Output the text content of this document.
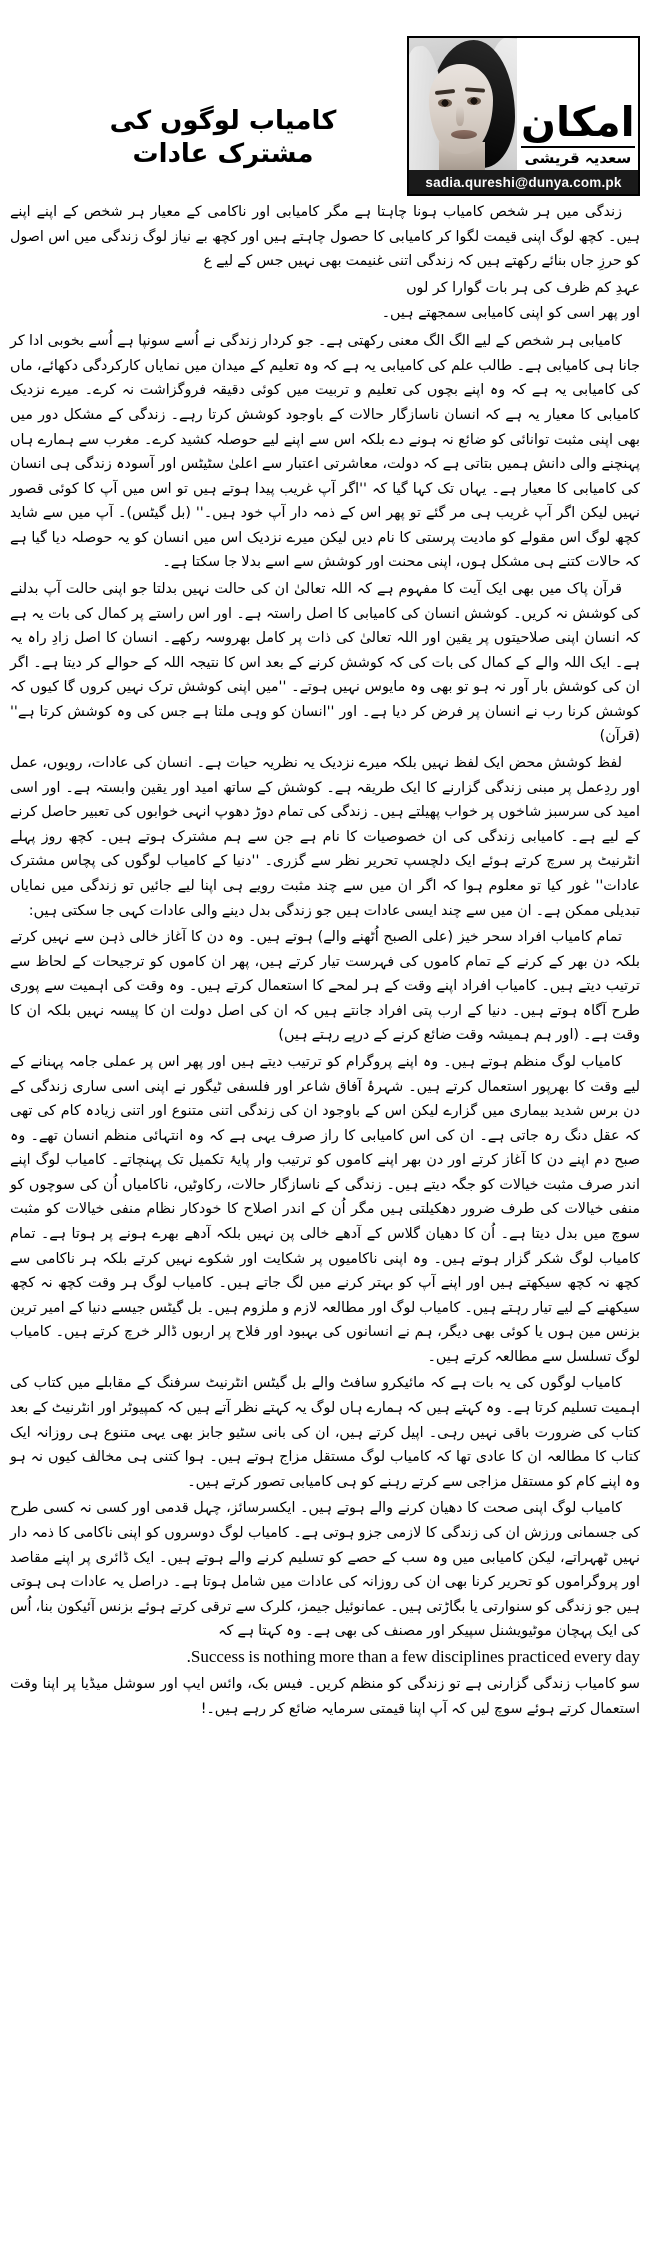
امکان
سعدیہ قریشی
sadia.qureshi@dunya.com.pk
کامیاب لوگوں کی مشترک عادات

زندگی میں ہر شخص کامیاب ہونا چاہتا ہے مگر کامیابی اور ناکامی کے معیار ہر شخص کے اپنے اپنے ہیں۔ کچھ لوگ اپنی قیمت لگوا کر کامیابی کا حصول چاہتے ہیں اور کچھ بے نیاز لوگ زندگی میں اس اصول کو حرزِ جاں بنائے رکھتے ہیں کہ زندگی اتنی غنیمت بھی نہیں جس کے لیے ع

عہدِ کم ظرف کی ہر بات گوارا کر لوں
اور پھر اسی کو اپنی کامیابی سمجھتے ہیں۔

کامیابی ہر شخص کے لیے الگ الگ معنی رکھتی ہے۔ جو کردار زندگی نے اُسے سونپا ہے اُسے بخوبی ادا کر جانا ہی کامیابی ہے۔ طالب علم کی کامیابی یہ ہے کہ وہ تعلیم کے میدان میں نمایاں کارکردگی دکھائے، ماں کی کامیابی یہ ہے کہ وہ اپنے بچوں کی تعلیم و تربیت میں کوئی دقیقہ فروگزاشت نہ کرے۔ میرے نزدیک کامیابی کا معیار یہ ہے کہ انسان ناسازگار حالات کے باوجود کوشش کرتا رہے۔ زندگی کے مشکل دور میں بھی اپنی مثبت توانائی کو ضائع نہ ہونے دے بلکہ اس سے اپنے لیے حوصلہ کشید کرے۔ مغرب سے ہمارے ہاں پہنچنے والی دانش ہمیں بتاتی ہے کہ دولت، معاشرتی اعتبار سے اعلیٰ سٹیٹس اور آسودہ زندگی ہی انسان کی کامیابی کا معیار ہے۔ یہاں تک کہا گیا کہ ''اگر آپ غریب پیدا ہوتے ہیں تو اس میں آپ کا کوئی قصور نہیں لیکن اگر آپ غریب ہی مر گئے تو پھر اس کے ذمہ دار آپ خود ہیں۔'' (بل گیٹس)۔ آپ میں سے شاید کچھ لوگ اس مقولے کو مادیت پرستی کا نام دیں لیکن میرے نزدیک اس میں انسان کو یہ حوصلہ دیا گیا ہے کہ حالات کتنے ہی مشکل ہوں، اپنی محنت اور کوشش سے اسے بدلا جا سکتا ہے۔

قرآن پاک میں بھی ایک آیت کا مفہوم ہے کہ اللہ تعالیٰ ان کی حالت نہیں بدلتا جو اپنی حالت آپ بدلنے کی کوشش نہ کریں۔ کوشش انسان کی کامیابی کا اصل راستہ ہے۔ اور اس راستے پر کمال کی بات یہ ہے کہ انسان اپنی صلاحیتوں پر یقین اور اللہ تعالیٰ کی ذات پر کامل بھروسہ رکھے۔ انسان کا اصل زادِ راہ یہ ہے۔ ایک اللہ والے کے کمال کی بات کی کہ کوشش کرنے کے بعد اس کا نتیجہ اللہ کے حوالے کر دیتا ہے۔ اگر ان کی کوشش بار آور نہ ہو تو بھی وہ مایوس نہیں ہوتے۔ ''میں اپنی کوشش ترک نہیں کروں گا کیوں کہ کوشش کرنا رب نے انسان پر فرض کر دیا ہے۔ اور ''انسان کو وہی ملتا ہے جس کی وہ کوشش کرتا ہے'' (قرآن)

لفظ کوشش محض ایک لفظ نہیں بلکہ میرے نزدیک یہ نظریہ حیات ہے۔ انسان کی عادات، رویوں، عمل اور ردِعمل پر مبنی زندگی گزارنے کا ایک طریقہ ہے۔ کوشش کے ساتھ امید اور یقین وابستہ ہے۔ اور اسی امید کی سرسبز شاخوں پر خواب پھیلتے ہیں۔ زندگی کی تمام دوڑ دھوپ انہی خوابوں کی تعبیر حاصل کرنے کے لیے ہے۔ کامیابی زندگی کی ان خصوصیات کا نام ہے جن سے ہم مشترک ہوتے ہیں۔ کچھ روز پہلے انٹرنیٹ پر سرچ کرتے ہوئے ایک دلچسپ تحریر نظر سے گزری۔ ''دنیا کے کامیاب لوگوں کی پچاس مشترک عادات'' غور کیا تو معلوم ہوا کہ اگر ان میں سے چند مثبت رویے ہی اپنا لیے جائیں تو زندگی میں نمایاں تبدیلی ممکن ہے۔ ان میں سے چند ایسی عادات ہیں جو زندگی بدل دینے والی عادات کہی جا سکتی ہیں:

تمام کامیاب افراد سحر خیز (علی الصبح اُٹھنے والے) ہوتے ہیں۔ وہ دن کا آغاز خالی ذہن سے نہیں کرتے بلکہ دن بھر کے کرنے کے تمام کاموں کی فہرست تیار کرتے ہیں، پھر ان کاموں کو ترجیحات کے لحاظ سے ترتیب دیتے ہیں۔ کامیاب افراد اپنے وقت کے ہر لمحے کا استعمال کرتے ہیں۔ وہ وقت کی اہمیت سے پوری طرح آگاہ ہوتے ہیں۔ دنیا کے ارب پتی افراد جانتے ہیں کہ ان کی اصل دولت ان کا پیسہ نہیں بلکہ ان کا وقت ہے۔ (اور ہم ہمیشہ وقت ضائع کرنے کے درپے رہتے ہیں)

کامیاب لوگ منظم ہوتے ہیں۔ وہ اپنے پروگرام کو ترتیب دیتے ہیں اور پھر اس پر عملی جامہ پہنانے کے لیے وقت کا بھرپور استعمال کرتے ہیں۔ شہرۂ آفاق شاعر اور فلسفی ٹیگور نے اپنی اسی ساری زندگی کے دن برس شدید بیماری میں گزارے لیکن اس کے باوجود ان کی زندگی اتنی متنوع اور اتنی زیادہ کام کی تھی کہ عقل دنگ رہ جاتی ہے۔ ان کی اس کامیابی کا راز صرف یہی ہے کہ وہ انتہائی منظم انسان تھے۔ وہ صبح دم اپنے دن کا آغاز کرتے اور دن بھر اپنے کاموں کو ترتیب وار پایۂ تکمیل تک پہنچاتے۔ کامیاب لوگ اپنے اندر صرف مثبت خیالات کو جگہ دیتے ہیں۔ زندگی کے ناسازگار حالات، رکاوٹیں، ناکامیاں اُن کی سوچوں کو منفی خیالات کی طرف ضرور دھکیلتی ہیں مگر اُن کے اندر اصلاح کا خودکار نظام منفی خیالات کو مثبت سوچ میں بدل دیتا ہے۔ اُن کا دھیان گلاس کے آدھے خالی پن نہیں بلکہ آدھے بھرے ہونے پر ہوتا ہے۔ تمام کامیاب لوگ شکر گزار ہوتے ہیں۔ وہ اپنی ناکامیوں پر شکایت اور شکوے نہیں کرتے بلکہ ہر ناکامی سے کچھ نہ کچھ سیکھتے ہیں اور اپنے آپ کو بہتر کرنے میں لگ جاتے ہیں۔ کامیاب لوگ ہر وقت کچھ نہ کچھ سیکھنے کے لیے تیار رہتے ہیں۔ کامیاب لوگ اور مطالعہ لازم و ملزوم ہیں۔ بل گیٹس جیسے دنیا کے امیر ترین بزنس مین ہوں یا کوئی بھی دیگر، ہم نے انسانوں کی بہبود اور فلاح پر اربوں ڈالر خرچ کرتے ہیں۔ کامیاب لوگ تسلسل سے مطالعہ کرتے ہیں۔

کامیاب لوگوں کی یہ بات ہے کہ مائیکرو سافٹ والے بل گیٹس انٹرنیٹ سرفنگ کے مقابلے میں کتاب کی اہمیت تسلیم کرتا ہے۔ وہ کہتے ہیں کہ ہمارے ہاں لوگ یہ کہتے نظر آتے ہیں کہ کمپیوٹر اور انٹرنیٹ کے بعد کتاب کی ضرورت باقی نہیں رہی۔ اپیل کرتے ہیں، ان کی بانی سٹیو جابز بھی یہی متنوع ہی روزانہ ایک کتاب کا مطالعہ ان کا عادی تھا کہ کامیاب لوگ مستقل مزاج ہوتے ہیں۔ ہوا کتنی ہی مخالف کیوں نہ ہو وہ اپنے کام کو مستقل مزاجی سے کرتے رہنے کو ہی کامیابی تصور کرتے ہیں۔

کامیاب لوگ اپنی صحت کا دھیان کرنے والے ہوتے ہیں۔ ایکسرسائز، چہل قدمی اور کسی نہ کسی طرح کی جسمانی ورزش ان کی زندگی کا لازمی جزو ہوتی ہے۔ کامیاب لوگ دوسروں کو اپنی ناکامی کا ذمہ دار نہیں ٹھہراتے، لیکن کامیابی میں وہ سب کے حصے کو تسلیم کرنے والے ہوتے ہیں۔ ایک ڈائری پر اپنے مقاصد اور پروگراموں کو تحریر کرنا بھی ان کی روزانہ کی عادات میں شامل ہوتا ہے۔ دراصل یہ عادات ہی ہوتی ہیں جو زندگی کو سنوارتی یا بگاڑتی ہیں۔ عمانوئیل جیمز، کلرک سے ترقی کرتے ہوئے بزنس آئیکون بنا، اُس کی ایک پہچان موٹیویشنل سپیکر اور مصنف کی بھی ہے۔ وہ کہتا ہے کہ

Success is nothing more than a few disciplines practiced every day.

سو کامیاب زندگی گزارنی ہے تو زندگی کو منظم کریں۔ فیس بک، وائس ایپ اور سوشل میڈیا پر اپنا وقت استعمال کرتے ہوئے سوچ لیں کہ آپ اپنا قیمتی سرمایہ ضائع کر رہے ہیں۔!
